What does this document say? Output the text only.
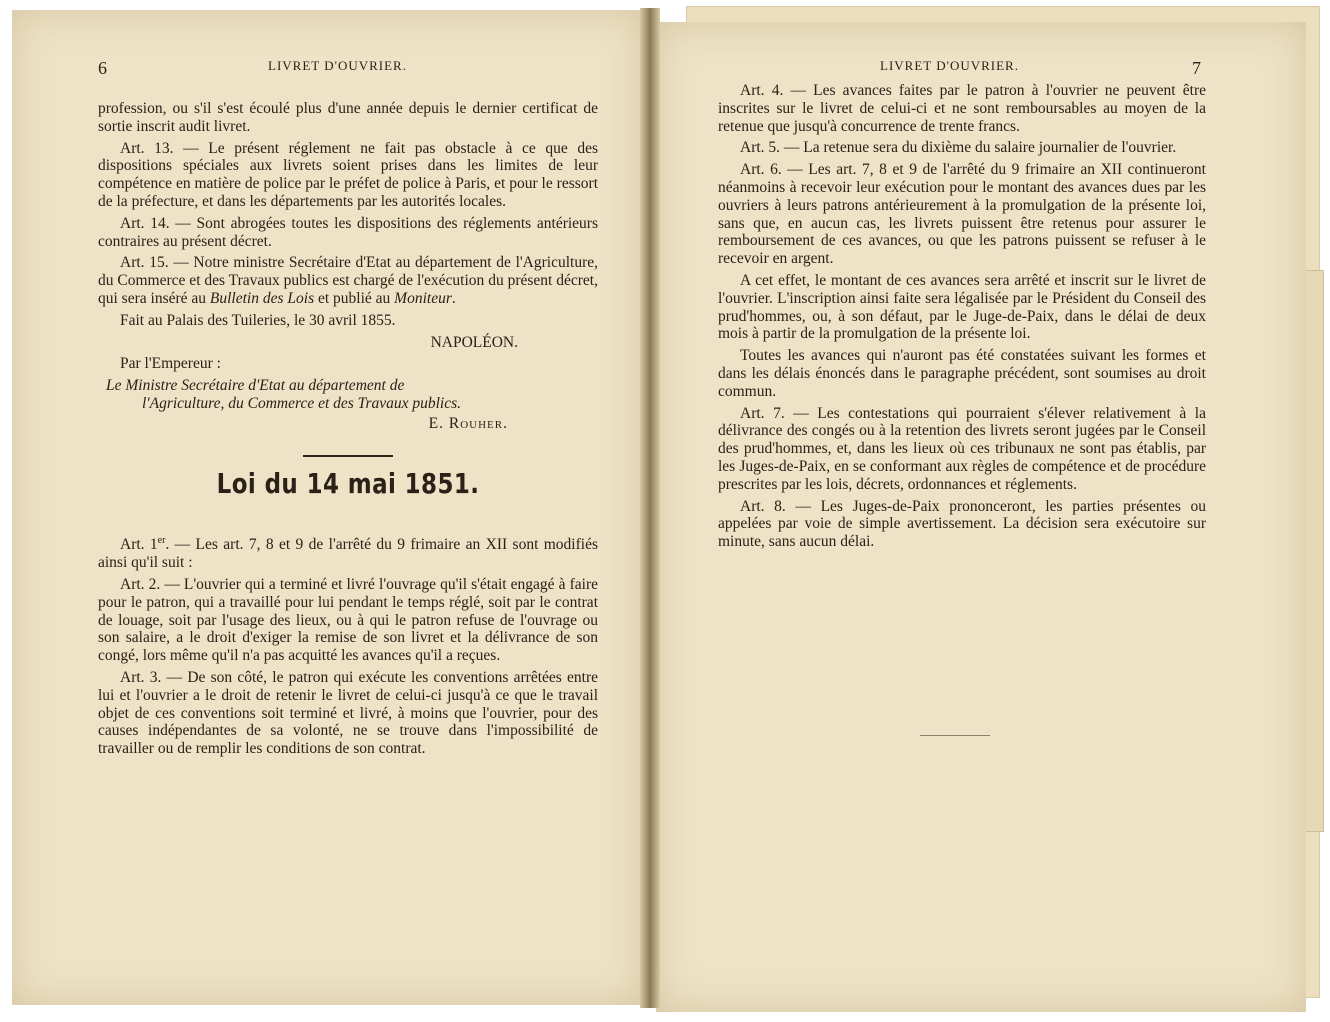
6	LIVRET D'OUVRIER.	LIVRET D'OUVRIER.	7

profession, ou s'il s'est écoulé plus d'une année depuis le dernier certificat de sortie inscrit audit livret.

Art. 13. — Le présent réglement ne fait pas obstacle à ce que des dispositions spéciales aux livrets soient prises dans les limites de leur compétence en matière de police par le préfet de police à Paris, et pour le ressort de la préfecture, et dans les départements par les autorités locales.

Art. 14. — Sont abrogées toutes les dispositions des réglements antérieurs contraires au présent décret.

Art. 15. — Notre ministre Secrétaire d'Etat au département de l'Agriculture, du Commerce et des Travaux publics est chargé de l'exécution du présent décret, qui sera inséré au Bulletin des Lois et publié au Moniteur.

Fait au Palais des Tuileries, le 30 avril 1855.

NAPOLÉON.

Par l'Empereur :

Le Ministre Secrétaire d'Etat au département de
l'Agriculture, du Commerce et des Travaux publics.

E. Rouher.

Loi du 14 mai 1851.

Art. 1er. — Les art. 7, 8 et 9 de l'arrêté du 9 frimaire an XII sont modifiés ainsi qu'il suit :

Art. 2. — L'ouvrier qui a terminé et livré l'ouvrage qu'il s'était engagé à faire pour le patron, qui a travaillé pour lui pendant le temps réglé, soit par le contrat de louage, soit par l'usage des lieux, ou à qui le patron refuse de l'ouvrage ou son salaire, a le droit d'exiger la remise de son livret et la délivrance de son congé, lors même qu'il n'a pas acquitté les avances qu'il a reçues.

Art. 3. — De son côté, le patron qui exécute les conventions arrêtées entre lui et l'ouvrier a le droit de retenir le livret de celui-ci jusqu'à ce que le travail objet de ces conventions soit terminé et livré, à moins que l'ouvrier, pour des causes indépendantes de sa volonté, ne se trouve dans l'impossibilité de travailler ou de remplir les conditions de son contrat.

Art. 4. — Les avances faites par le patron à l'ouvrier ne peuvent être inscrites sur le livret de celui-ci et ne sont remboursables au moyen de la retenue que jusqu'à concurrence de trente francs.

Art. 5. — La retenue sera du dixième du salaire journalier de l'ouvrier.

Art. 6. — Les art. 7, 8 et 9 de l'arrêté du 9 frimaire an XII continueront néanmoins à recevoir leur exécution pour le montant des avances dues par les ouvriers à leurs patrons antérieurement à la promulgation de la présente loi, sans que, en aucun cas, les livrets puissent être retenus pour assurer le remboursement de ces avances, ou que les patrons puissent se refuser à le recevoir en argent.

A cet effet, le montant de ces avances sera arrêté et inscrit sur le livret de l'ouvrier. L'inscription ainsi faite sera légalisée par le Président du Conseil des prud'hommes, ou, à son défaut, par le Juge-de-Paix, dans le délai de deux mois à partir de la promulgation de la présente loi.

Toutes les avances qui n'auront pas été constatées suivant les formes et dans les délais énoncés dans le paragraphe précédent, sont soumises au droit commun.

Art. 7. — Les contestations qui pourraient s'élever relativement à la délivrance des congés ou à la retention des livrets seront jugées par le Conseil des prud'hommes, et, dans les lieux où ces tribunaux ne sont pas établis, par les Juges-de-Paix, en se conformant aux règles de compétence et de procédure prescrites par les lois, décrets, ordonnances et réglements.

Art. 8. — Les Juges-de-Paix prononceront, les parties présentes ou appelées par voie de simple avertissement. La décision sera exécutoire sur minute, sans aucun délai.
